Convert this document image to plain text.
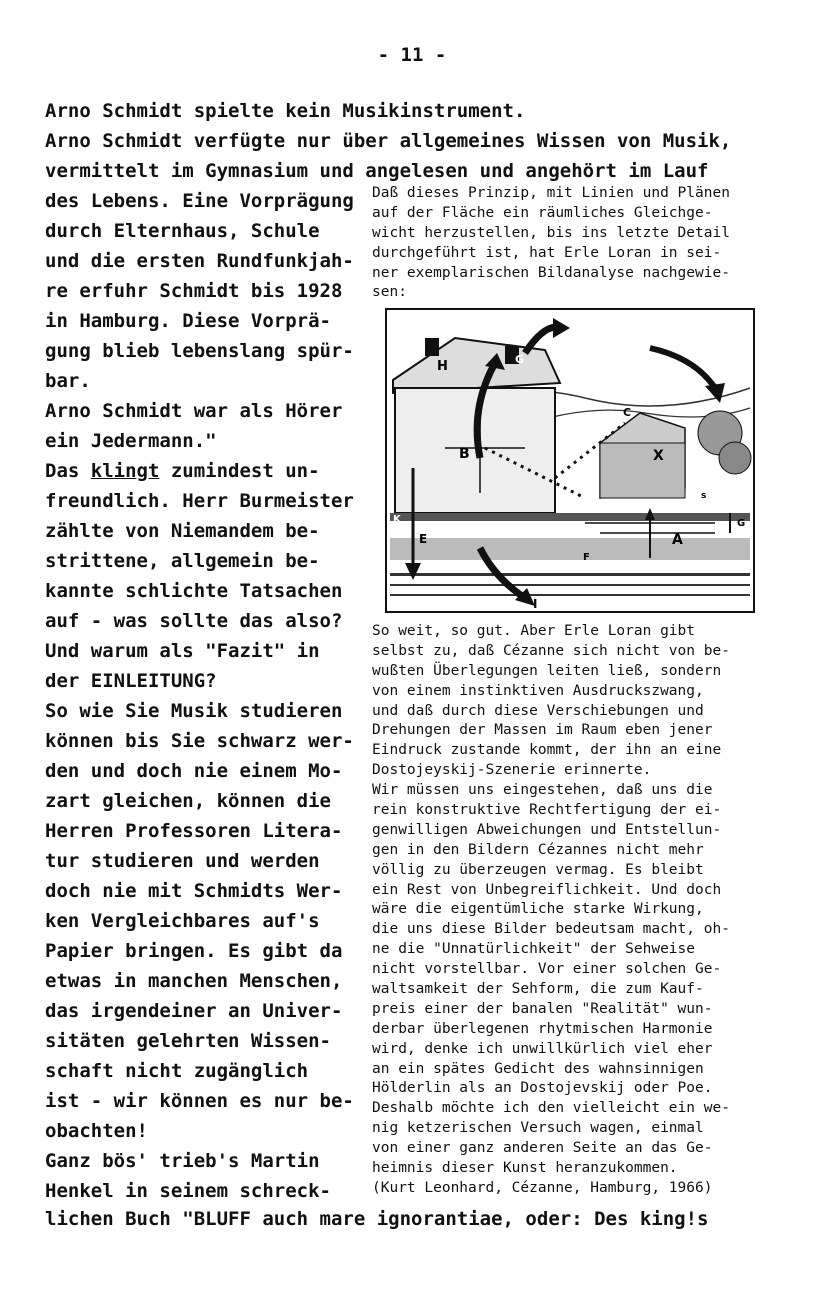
- 11 -
Arno Schmidt spielte kein Musikinstrument.
Arno Schmidt verfügte nur über allgemeines Wissen von Musik,
vermittelt im Gymnasium und angelesen und angehört im Lauf
des Lebens. Eine Vorprägung
durch Elternhaus, Schule
und die ersten Rundfunkjah-
re erfuhr Schmidt bis 1928
in Hamburg. Diese Vorprä-
gung blieb lebenslang spür-
bar.
Arno Schmidt war als Hörer
ein Jedermann."
Das klingt zumindest un-
freundlich. Herr Burmeister
zählte von Niemandem be-
strittene, allgemein be-
kannte schlichte Tatsachen
auf - was sollte das also?
Und warum als "Fazit" in
der EINLEITUNG?
So wie Sie Musik studieren
können bis Sie schwarz wer-
den und doch nie einem Mo-
zart gleichen, können die
Herren Professoren Litera-
tur studieren und werden
doch nie mit Schmidts Wer-
ken Vergleichbares auf's
Papier bringen. Es gibt da
etwas in manchen Menschen,
das irgendeiner an Univer-
sitäten gelehrten Wissen-
schaft nicht zugänglich
ist - wir können es nur be-
obachten!
Ganz bös' trieb's Martin
Henkel in seinem schreck-
Daß dieses Prinzip, mit Linien und Plänen
auf der Fläche ein räumliches Gleichge-
wicht herzustellen, bis ins letzte Detail
durchgeführt ist, hat Erle Loran in sei-
ner exemplarischen Bildanalyse nachgewie-
sen:
H	G
B
C
X
K
E	A
G
F
I
s
So weit, so gut. Aber Erle Loran gibt
selbst zu, daß Cézanne sich nicht von be-
wußten Überlegungen leiten ließ, sondern
von einem instinktiven Ausdruckszwang,
und daß durch diese Verschiebungen und
Drehungen der Massen im Raum eben jener
Eindruck zustande kommt, der ihn an eine
Dostojeyskij-Szenerie erinnerte.
Wir müssen uns eingestehen, daß uns die
rein konstruktive Rechtfertigung der ei-
genwilligen Abweichungen und Entstellun-
gen in den Bildern Cézannes nicht mehr
völlig zu überzeugen vermag. Es bleibt
ein Rest von Unbegreiflichkeit. Und doch
wäre die eigentümliche starke Wirkung,
die uns diese Bilder bedeutsam macht, oh-
ne die "Unnatürlichkeit" der Sehweise
nicht vorstellbar. Vor einer solchen Ge-
waltsamkeit der Sehform, die zum Kauf-
preis einer der banalen "Realität" wun-
derbar überlegenen rhytmischen Harmonie
wird, denke ich unwillkürlich viel eher
an ein spätes Gedicht des wahnsinnigen
Hölderlin als an Dostojevskij oder Poe.
Deshalb möchte ich den vielleicht ein we-
nig ketzerischen Versuch wagen, einmal
von einer ganz anderen Seite an das Ge-
heimnis dieser Kunst heranzukommen.
(Kurt Leonhard, Cézanne, Hamburg, 1966)
lichen Buch "BLUFF auch mare ignorantiae, oder: Des king!s
